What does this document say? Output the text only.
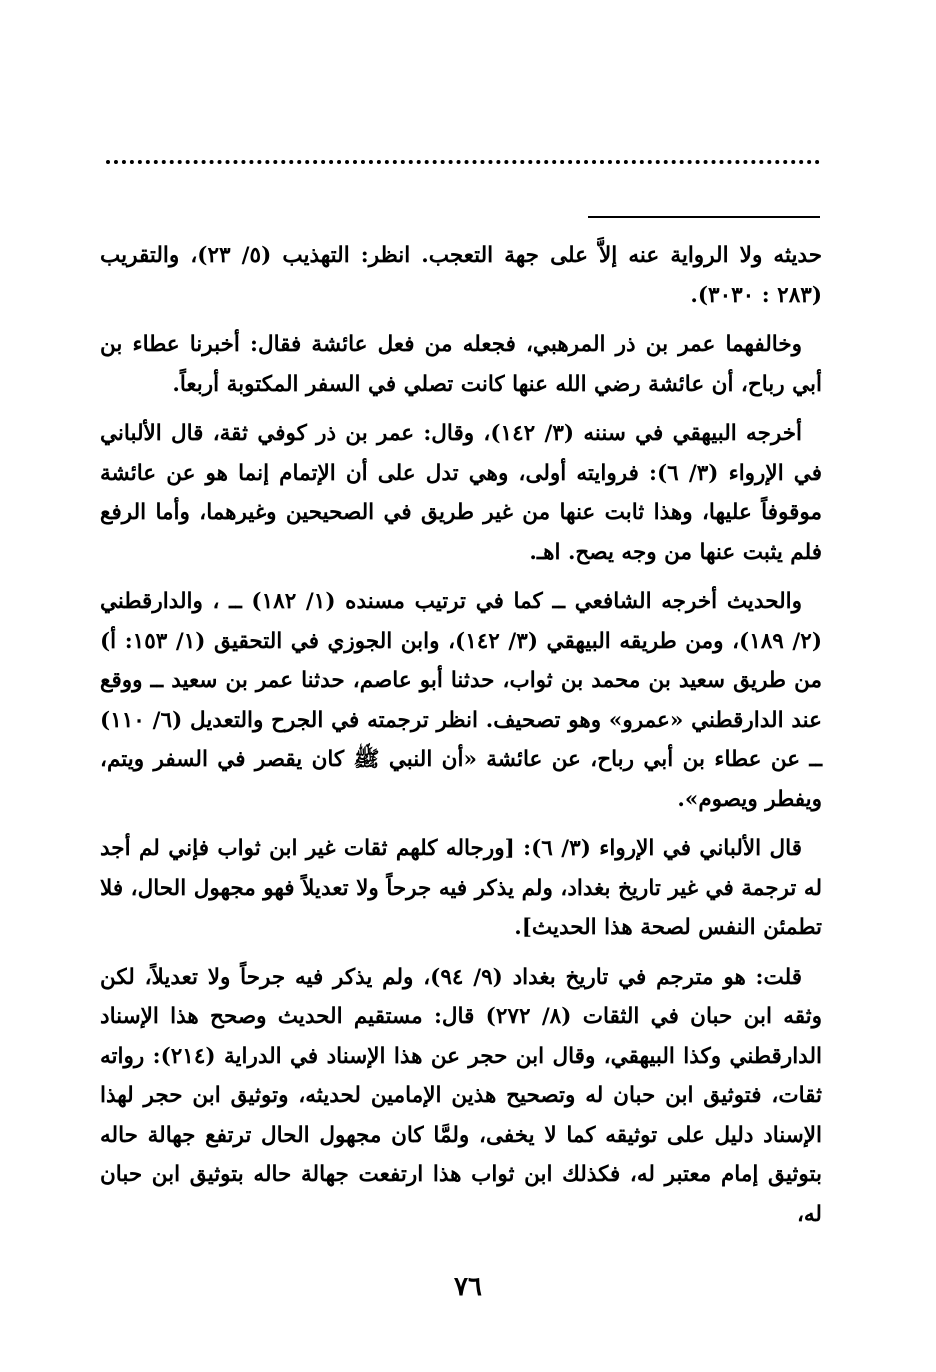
حديثه ولا الرواية عنه إلاَّ على جهة التعجب. انظر: التهذيب (٥/ ٢٣)، والتقريب (٢٨٣ : ٣٠٣٠).

وخالفهما عمر بن ذر المرهبي، فجعله من فعل عائشة فقال: أخبرنا عطاء بن أبي رباح، أن عائشة رضي الله عنها كانت تصلي في السفر المكتوبة أربعاً.

أخرجه البيهقي في سننه (٣/ ١٤٢)، وقال: عمر بن ذر كوفي ثقة، قال الألباني في الإرواء (٣/ ٦): فروايته أولى، وهي تدل على أن الإتمام إنما هو عن عائشة موقوفاً عليها، وهذا ثابت عنها من غير طريق في الصحيحين وغيرهما، وأما الرفع فلم يثبت عنها من وجه يصح. اهـ.

والحديث أخرجه الشافعي ــ كما في ترتيب مسنده (١/ ١٨٢) ــ ، والدارقطني (٢/ ١٨٩)، ومن طريقه البيهقي (٣/ ١٤٢)، وابن الجوزي في التحقيق (١/ ١٥٣: أ) من طريق سعيد بن محمد بن ثواب، حدثنا أبو عاصم، حدثنا عمر بن سعيد ــ ووقع عند الدارقطني «عمرو» وهو تصحيف. انظر ترجمته في الجرح والتعديل (٦/ ١١٠) ــ عن عطاء بن أبي رباح، عن عائشة «أن النبي ﷺ كان يقصر في السفر ويتم، ويفطر ويصوم».

قال الألباني في الإرواء (٣/ ٦): [ورجاله كلهم ثقات غير ابن ثواب فإني لم أجد له ترجمة في غير تاريخ بغداد، ولم يذكر فيه جرحاً ولا تعديلاً فهو مجهول الحال، فلا تطمئن النفس لصحة هذا الحديث].

قلت: هو مترجم في تاريخ بغداد (٩/ ٩٤)، ولم يذكر فيه جرحاً ولا تعديلاً، لكن وثقه ابن حبان في الثقات (٨/ ٢٧٢) قال: مستقيم الحديث وصحح هذا الإسناد الدارقطني وكذا البيهقي، وقال ابن حجر عن هذا الإسناد في الدراية (٢١٤): رواته ثقات، فتوثيق ابن حبان له وتصحيح هذين الإمامين لحديثه، وتوثيق ابن حجر لهذا الإسناد دليل على توثيقه كما لا يخفى، ولمَّا كان مجهول الحال ترتفع جهالة حاله بتوثيق إمام معتبر له، فكذلك ابن ثواب هذا ارتفعت جهالة حاله بتوثيق ابن حبان له،

٧٦
